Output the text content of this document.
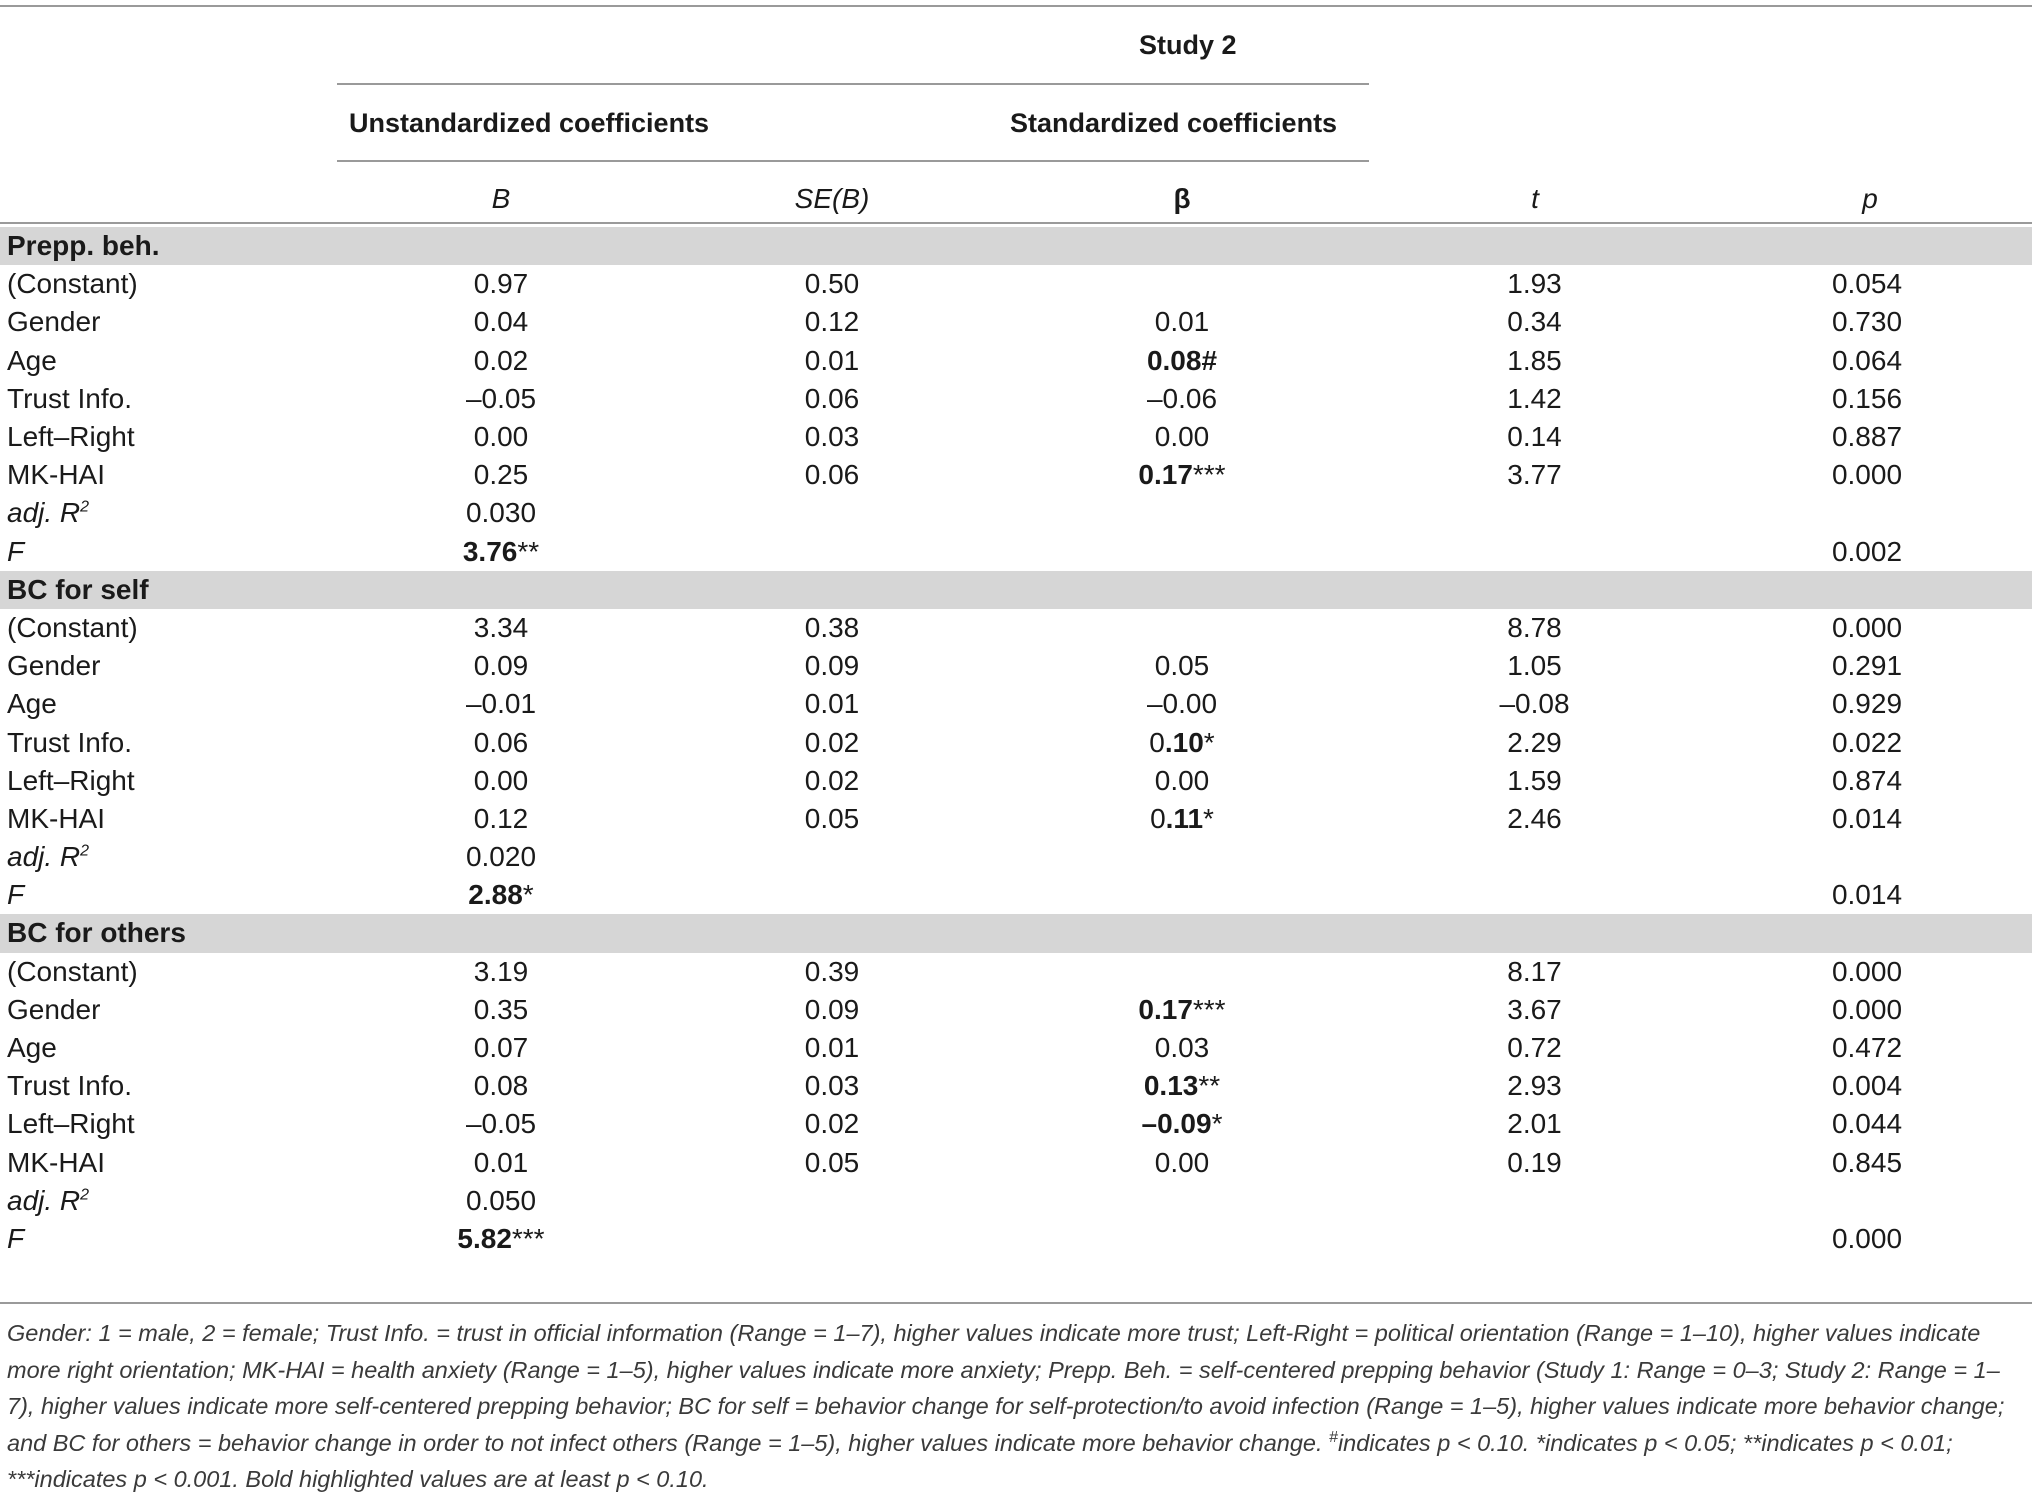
Study 2
Unstandardized coefficients	Standardized coefficients
B	SE(B)	β	t	p
Prepp. beh.					
(Constant)	0.97	0.50		1.93	0.054
Gender	0.04	0.12	0.01	0.34	0.730
Age	0.02	0.01	0.08#	1.85	0.064
Trust Info.	–0.05	0.06	–0.06	1.42	0.156
Left–Right	0.00	0.03	0.00	0.14	0.887
MK-HAI	0.25	0.06	0.17***	3.77	0.000
adj. $R^2$	0.030				
F	3.76**				0.002
BC for self					
(Constant)	3.34	0.38		8.78	0.000
Gender	0.09	0.09	0.05	1.05	0.291
Age	–0.01	0.01	–0.00	–0.08	0.929
Trust Info.	0.06	0.02	0.10*	2.29	0.022
Left–Right	0.00	0.02	0.00	1.59	0.874
MK-HAI	0.12	0.05	0.11*	2.46	0.014
adj. $R^2$	0.020				
F	2.88*				0.014
BC for others					
(Constant)	3.19	0.39		8.17	0.000
Gender	0.35	0.09	0.17***	3.67	0.000
Age	0.07	0.01	0.03	0.72	0.472
Trust Info.	0.08	0.03	0.13**	2.93	0.004
Left–Right	–0.05	0.02	–0.09*	2.01	0.044
MK-HAI	0.01	0.05	0.00	0.19	0.845
adj. $R^2$	0.050				
F	5.82***				0.000
Gender: 1 = male, 2 = female; Trust Info. = trust in official information (Range = 1–7), higher values indicate more trust; Left-Right = political orientation (Range = 1–10), higher values indicate more right orientation; MK-HAI = health anxiety (Range = 1–5), higher values indicate more anxiety; Prepp. Beh. = self-centered prepping behavior (Study 1: Range = 0–3; Study 2: Range = 1–7), higher values indicate more self-centered prepping behavior; BC for self = behavior change for self-protection/to avoid infection (Range = 1–5), higher values indicate more behavior change; and BC for others = behavior change in order to not infect others (Range = 1–5), higher values indicate more behavior change. #indicates p < 0.10. *indicates p < 0.05; **indicates p < 0.01; ***indicates p < 0.001. Bold highlighted values are at least p < 0.10.
